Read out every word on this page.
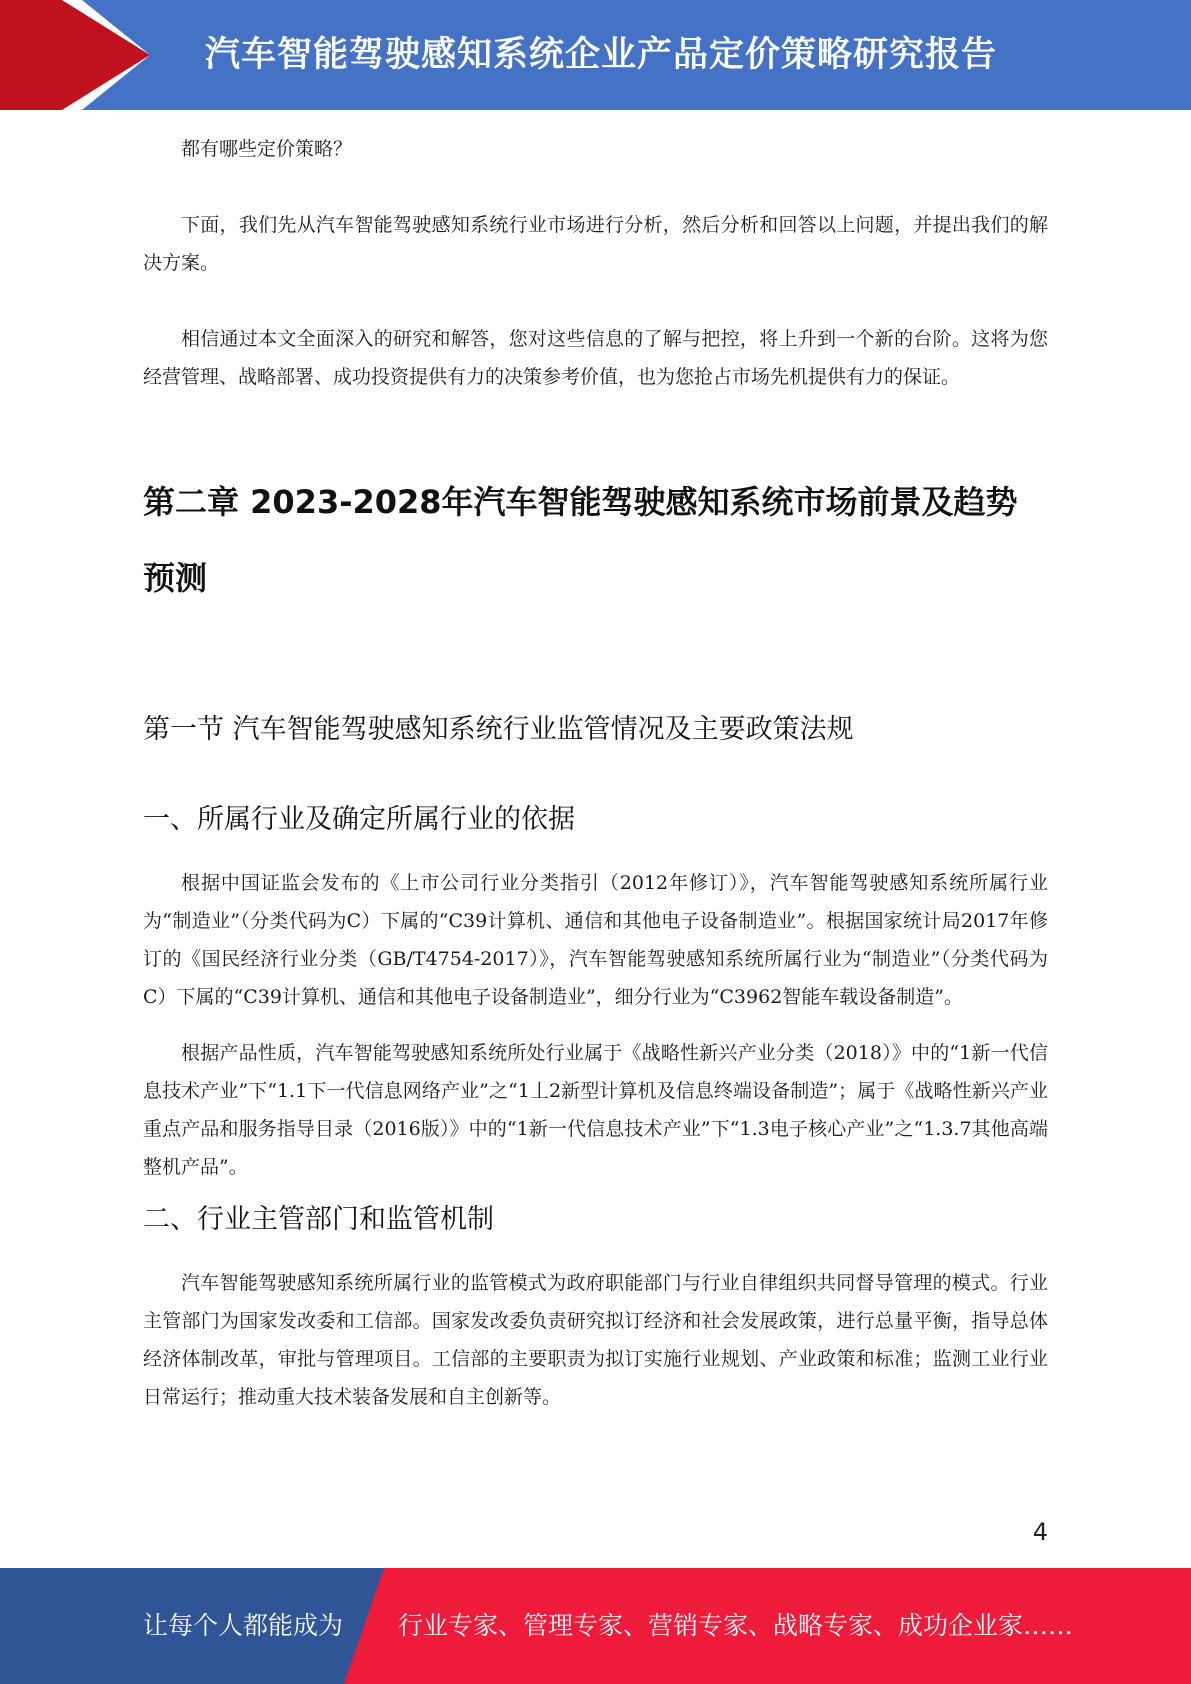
汽车智能驾驶感知系统企业产品定价策略研究报告

都有哪些定价策略？

下面，我们先从汽车智能驾驶感知系统行业市场进行分析，然后分析和回答以上问题，并提出我们的解决方案。

相信通过本文全面深入的研究和解答，您对这些信息的了解与把控，将上升到一个新的台阶。这将为您经营管理、战略部署、成功投资提供有力的决策参考价值，也为您抢占市场先机提供有力的保证。

第二章 2023-2028年汽车智能驾驶感知系统市场前景及趋势预测
第一节 汽车智能驾驶感知系统行业监管情况及主要政策法规
一、所属行业及确定所属行业的依据

根据中国证监会发布的《上市公司行业分类指引（2012年修订）》，汽车智能驾驶感知系统所属行业为“制造业”（分类代码为C）下属的“C39计算机、通信和其他电子设备制造业”。根据国家统计局2017年修订的《国民经济行业分类（GB/T4754-2017）》，汽车智能驾驶感知系统所属行业为“制造业”（分类代码为C）下属的“C39计算机、通信和其他电子设备制造业”，细分行业为“C3962智能车载设备制造”。

根据产品性质，汽车智能驾驶感知系统所处行业属于《战略性新兴产业分类（2018）》中的“1新一代信息技术产业”下“1.1下一代信息网络产业”之“1丄2新型计算机及信息终端设备制造”；属于《战略性新兴产业重点产品和服务指导目录（2016版）》中的“1新一代信息技术产业”下“1.3电子核心产业”之“1.3.7其他高端整机产品”。

二、行业主管部门和监管机制

汽车智能驾驶感知系统所属行业的监管模式为政府职能部门与行业自律组织共同督导管理的模式。行业主管部门为国家发改委和工信部。国家发改委负责研究拟订经济和社会发展政策，进行总量平衡，指导总体经济体制改革，审批与管理项目。工信部的主要职责为拟订实施行业规划、产业政策和标准；监测工业行业日常运行；推动重大技术装备发展和自主创新等。

4
让每个人都能成为 行业专家、管理专家、营销专家、战略专家、成功企业家……
